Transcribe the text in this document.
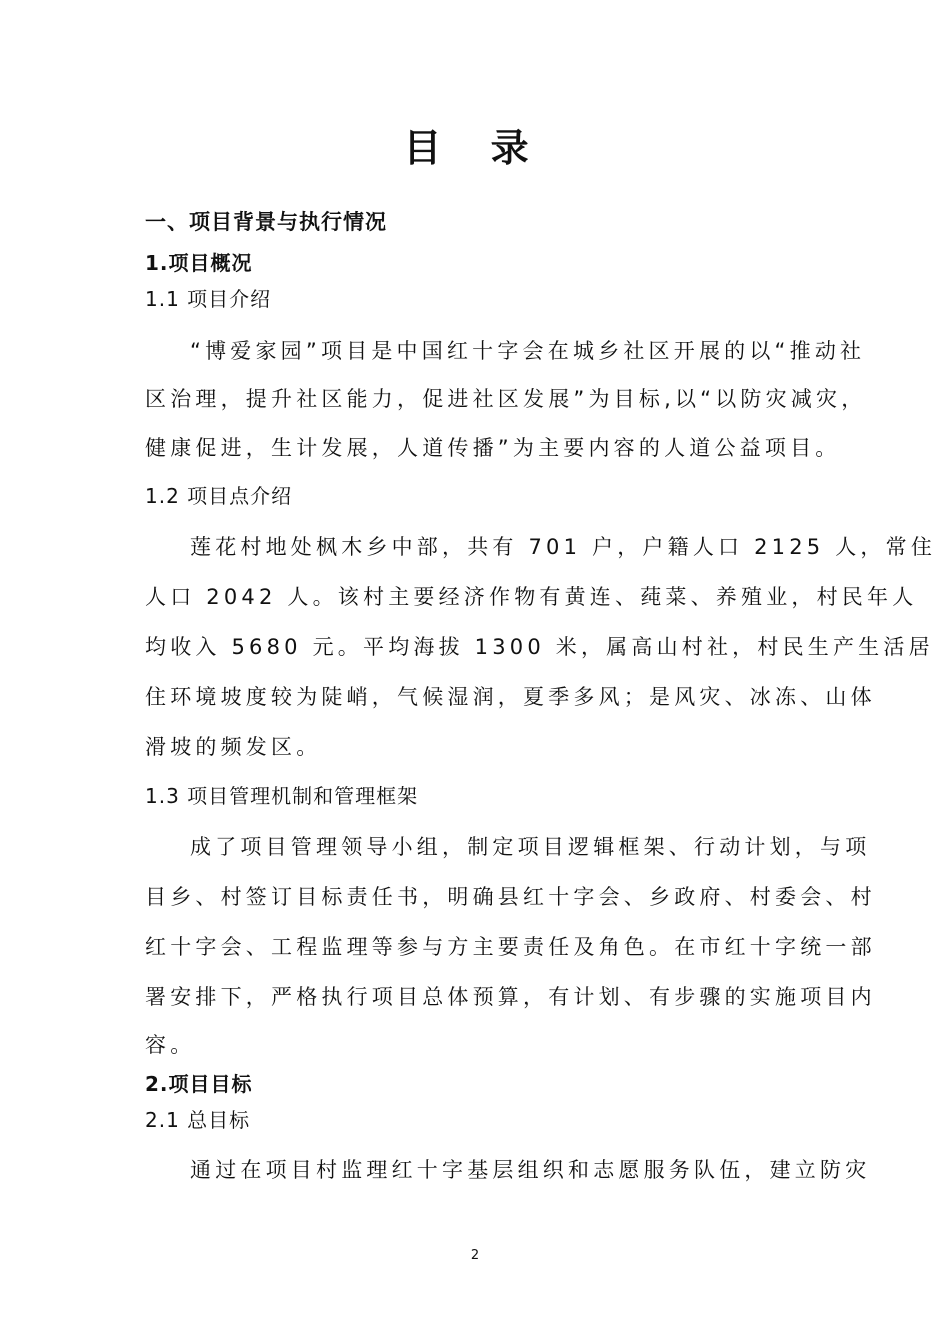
目 录
一、项目背景与执行情况
1.项目概况
1.1 项目介绍
“博爱家园”项目是中国红十字会在城乡社区开展的以“推动社
区治理，提升社区能力，促进社区发展”为目标,以“以防灾减灾，
健康促进，生计发展，人道传播”为主要内容的人道公益项目。
1.2 项目点介绍
莲花村地处枫木乡中部，共有 701 户，户籍人口 2125 人，常住
人口 2042 人。该村主要经济作物有黄连、莼菜、养殖业，村民年人
均收入 5680 元。平均海拔 1300 米，属高山村社，村民生产生活居
住环境坡度较为陡峭，气候湿润，夏季多风；是风灾、冰冻、山体
滑坡的频发区。
1.3 项目管理机制和管理框架
成了项目管理领导小组，制定项目逻辑框架、行动计划，与项
目乡、村签订目标责任书，明确县红十字会、乡政府、村委会、村
红十字会、工程监理等参与方主要责任及角色。在市红十字统一部
署安排下，严格执行项目总体预算，有计划、有步骤的实施项目内
容。
2.项目目标
2.1 总目标
通过在项目村监理红十字基层组织和志愿服务队伍，建立防灾
2
